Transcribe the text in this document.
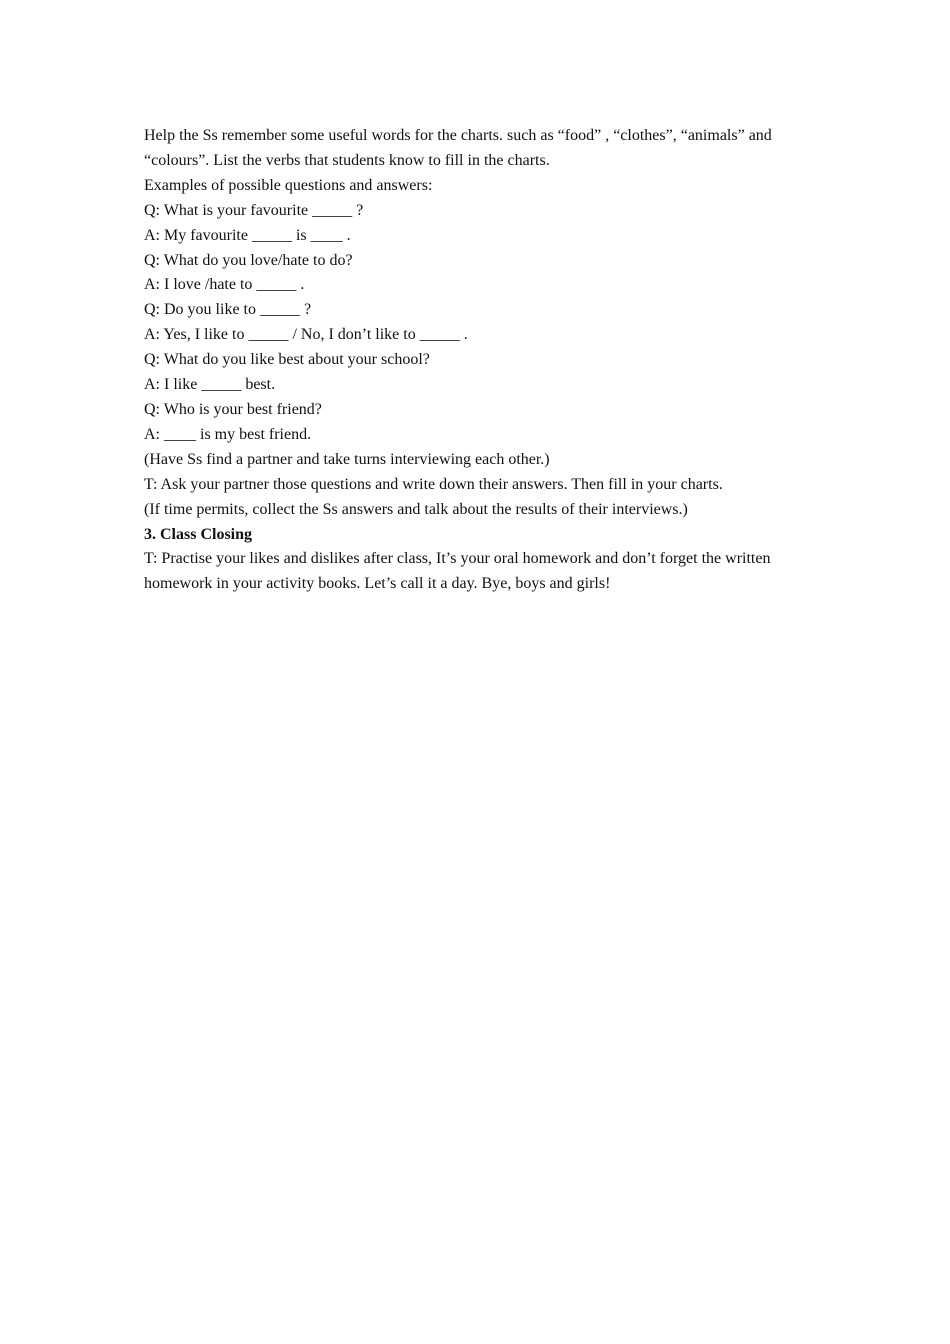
Help the Ss remember some useful words for the charts. such as “food” , “clothes”, “animals” and “colours”. List the verbs that students know to fill in the charts.

Examples of possible questions and answers:

Q: What is your favourite _____ ?

A: My favourite _____ is ____ .

Q: What do you love/hate to do?

A: I love /hate to _____ .

Q: Do you like to _____ ?

A: Yes, I like to _____ / No, I don’t like to _____ .

Q: What do you like best about your school?

A: I like _____ best.

Q: Who is your best friend?

A: ____ is my best friend.

(Have Ss find a partner and take turns interviewing each other.)

T: Ask your partner those questions and write down their answers. Then fill in your charts.

(If time permits, collect the Ss answers and talk about the results of their interviews.)

3. Class Closing

T: Practise your likes and dislikes after class, It’s your oral homework and don’t forget the written homework in your activity books. Let’s call it a day. Bye, boys and girls!
